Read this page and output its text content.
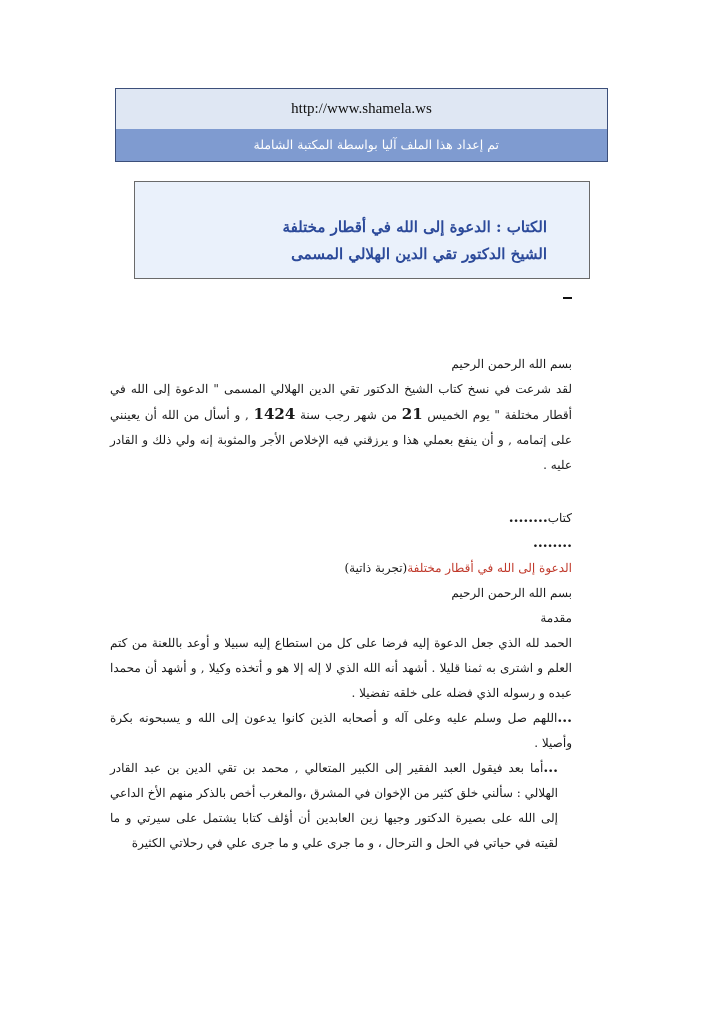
http://www.shamela.ws
تم إعداد هذا الملف آليا بواسطة المكتبة الشاملة
الكتاب : الدعوة إلى الله في أقطار مختلفة
الشيخ الدكتور تقي الدين الهلالي المسمى

بسم الله الرحمن الرحيم

لقد شرعت في نسخ كتاب الشيخ الدكتور تقي الدين الهلالي المسمى " الدعوة إلى الله في أقطار مختلفة " يوم الخميس 21 من شهر رجب سنة 1424 , و أسأل من الله أن يعينني على إتمامه , و أن ينفع بعملي هذا و يرزقني فيه الإخلاص الأجر والمثوبة إنه ولي ذلك و القادر عليه .

كتاب........

........

الدعوة إلى الله في أقطار مختلفة(تجربة ذاتية)

بسم الله الرحمن الرحيم

مقدمة

الحمد لله الذي جعل الدعوة إليه فرضا على كل من استطاع إليه سبيلا و أوعد باللعنة من كتم العلم و اشترى به ثمنا قليلا . أشهد أنه الله الذي لا إله إلا هو و أتخذه وكيلا , و أشهد أن محمدا عبده و رسوله الذي فضله على خلقه تفضيلا .

...اللهم صل وسلم عليه وعلى آله و أصحابه الذين كانوا يدعون إلى الله و يسبحونه بكرة وأصيلا .

...أما بعد فيقول العبد الفقير إلى الكبير المتعالي , محمد بن تقي الدين بن عبد القادر الهلالي : سألني خلق كثير من الإخوان في المشرق ،والمغرب أخص بالذكر منهم الأخ الداعي إلى الله على بصيرة الدكتور وجيها زين العابدين أن أؤلف كتابا يشتمل على سيرتي و ما لقيته في حياتي في الحل و الترحال ، و ما جرى علي و ما جرى علي في رحلاتي الكثيرة
